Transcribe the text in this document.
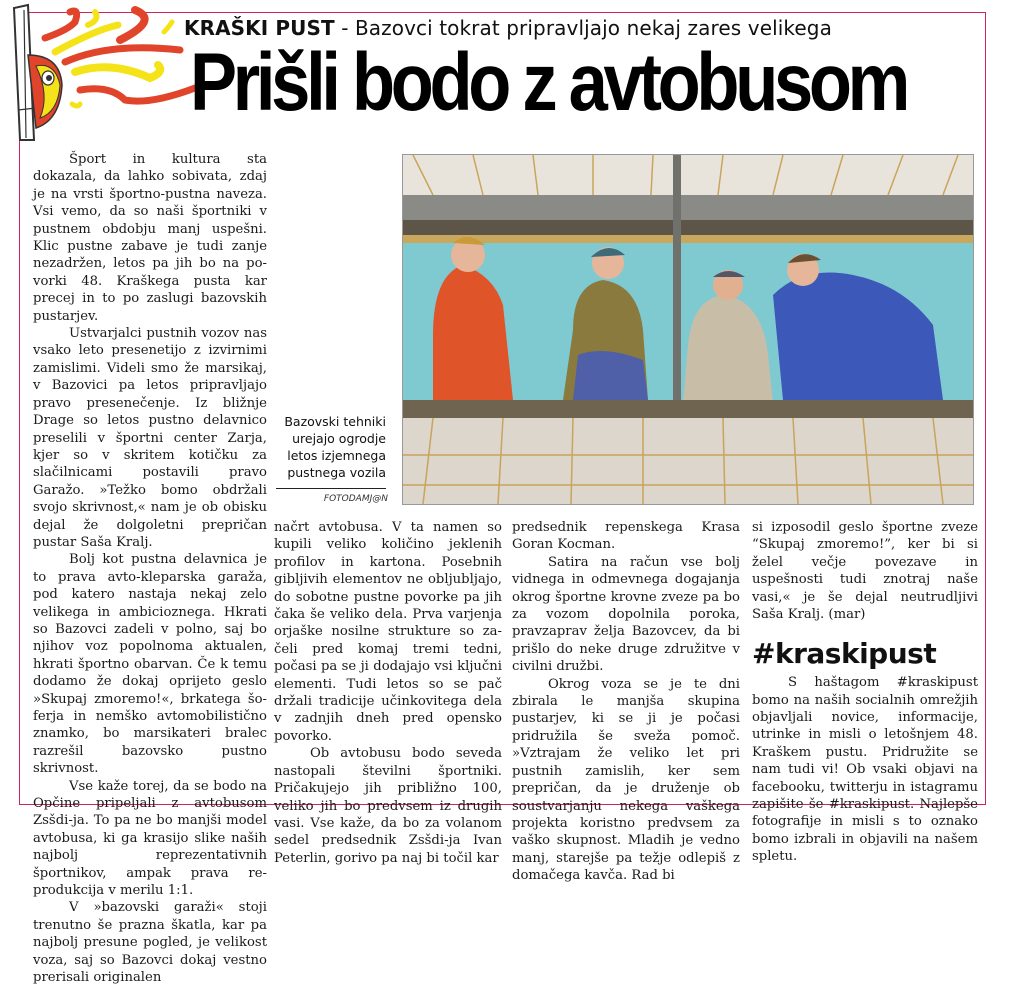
KRAŠKI PUST - Bazovci tokrat pripravljajo nekaj zares velikega
Prišli bodo z avtobusom

Šport in kultura sta dokazala, da lahko sobivata, zdaj je na vrsti športno-pustna naveza. Vsi vemo, da so naši športniki v pustnem obdobju manj uspešni. Klic pustne zabave je tudi zanje nezadržen, letos pa jih bo na povorki 48. Kraškega pusta kar precej in to po zaslugi bazovskih pustarjev.

Ustvarjalci pustnih vozov nas vsako leto presenetijo z izvirnimi zamislimi. Videli smo že marsikaj, v Bazovici pa letos pripravljajo pravo presenečenje. Iz bližnje Drage so letos pustno delavnico preselili v športni center Zarja, kjer so v skritem kotičku za slačilnicami postavili pravo Garažo. »Težko bomo obdržali svojo skrivnost,« nam je ob obisku dejal že dolgoletni prepričan pustar Saša Kralj.

Bolj kot pustna delavnica je to prava avto-kleparska garaža, pod katero nastaja nekaj zelo velikega in ambicioznega. Hkrati so Bazovci zadeli v polno, saj bo njihov voz popolnoma aktualen, hkrati športno obarvan. Če k temu dodamo že dokaj oprijeto geslo »Skupaj zmoremo!«, brkatega šoferja in nemško avtomobilistično znamko, bo marsikateri bralec razrešil bazovsko pustno skrivnost.

Vse kaže torej, da se bodo na Opčine pripeljali z avtobusom Zsšdi-ja. To pa ne bo manjši model avtobusa, ki ga krasijo slike naših najbolj reprezentativnih športnikov, ampak prava reprodukcija v merilu 1:1.

V »bazovski garaži« stoji trenutno še prazna škatla, kar pa najbolj presune pogled, je velikost voza, saj so Bazovci dokaj vestno prerisali originalen

Bazovski tehniki urejajo ogrodje letos izjemnega pustnega vozila
FOTODAMJ@N

načrt avtobusa. V ta namen so kupili veliko količino jeklenih profilov in kartona. Posebnih gibljivih elementov ne obljubljajo, do sobotne pustne povorke pa jih čaka še veliko dela. Prva varjenja orjaške nosilne strukture so začeli pred komaj tremi tedni, počasi pa se ji dodajajo vsi ključni elementi. Tudi letos so se pač držali tradicije učinkovitega dela v zadnjih dneh pred opensko povorko.

Ob avtobusu bodo seveda nastopali številni športniki. Pričakujejo jih približno 100, veliko jih bo predvsem iz drugih vasi. Vse kaže, da bo za volanom sedel predsednik Zsšdi-ja Ivan Peterlin, gorivo pa naj bi točil kar

predsednik repenskega Krasa Goran Kocman.

Satira na račun vse bolj vidnega in odmevnega dogajanja okrog športne krovne zveze pa bo za vozom dopolnila poroka, pravzaprav želja Bazovcev, da bi prišlo do neke druge združitve v civilni družbi.

Okrog voza se je te dni zbirala le manjša skupina pustarjev, ki se ji je počasi pridružila še sveža pomoč. »Vztrajam že veliko let pri pustnih zamislih, ker sem prepričan, da je druženje ob soustvarjanju nekega vaškega projekta koristno predvsem za vaško skupnost. Mladih je vedno manj, starejše pa težje odlepiš z domačega kavča. Rad bi

si izposodil geslo športne zveze “Skupaj zmoremo!”, ker bi si želel večje povezave in uspešnosti tudi znotraj naše vasi,« je še dejal neutrudljivi Saša Kralj. (mar)

#kraskipust

S haštagom #kraskipust bomo na naših socialnih omrežjih objavljali novice, informacije, utrinke in misli o letošnjem 48. Kraškem pustu. Pridružite se nam tudi vi! Ob vsaki objavi na facebooku, twitterju in istagramu zapišite še #kraskipust. Najlepše fotografije in misli s to oznako bomo izbrali in objavili na našem spletu.
